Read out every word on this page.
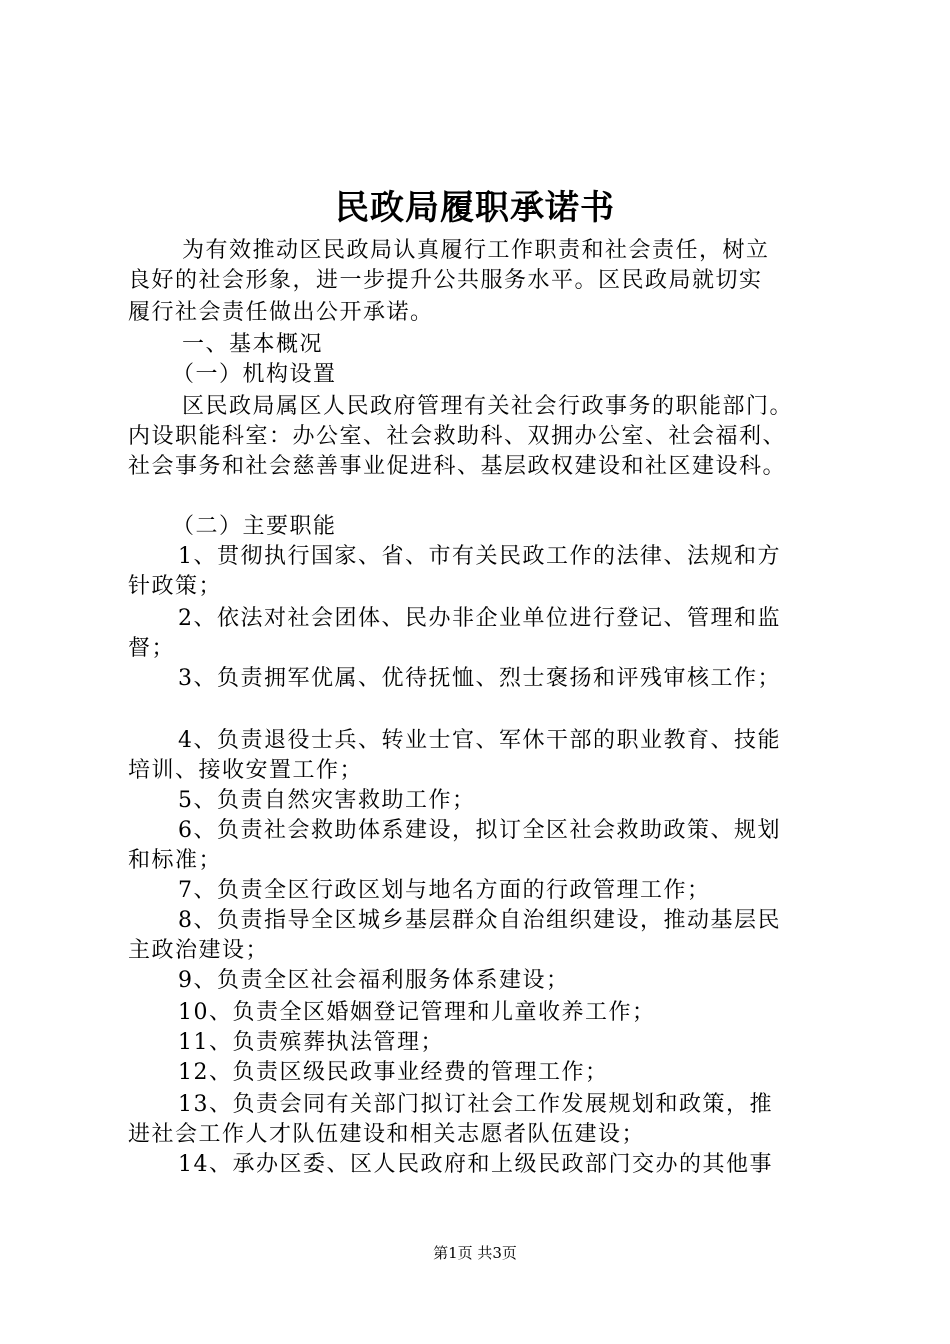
民政局履职承诺书
为有效推动区民政局认真履行工作职责和社会责任，树立
良好的社会形象，进一步提升公共服务水平。区民政局就切实
履行社会责任做出公开承诺。
一、基本概况
（一）机构设置
区民政局属区人民政府管理有关社会行政事务的职能部门。
内设职能科室：办公室、社会救助科、双拥办公室、社会福利、
社会事务和社会慈善事业促进科、基层政权建设和社区建设科。
（二）主要职能
1、贯彻执行国家、省、市有关民政工作的法律、法规和方
针政策；
2、依法对社会团体、民办非企业单位进行登记、管理和监
督；
3、负责拥军优属、优待抚恤、烈士褒扬和评残审核工作；
4、负责退役士兵、转业士官、军休干部的职业教育、技能
培训、接收安置工作；
5、负责自然灾害救助工作；
6、负责社会救助体系建设，拟订全区社会救助政策、规划
和标准；
7、负责全区行政区划与地名方面的行政管理工作；
8、负责指导全区城乡基层群众自治组织建设，推动基层民
主政治建设；
9、负责全区社会福利服务体系建设；
10、负责全区婚姻登记管理和儿童收养工作；
11、负责殡葬执法管理；
12、负责区级民政事业经费的管理工作；
13、负责会同有关部门拟订社会工作发展规划和政策，推
进社会工作人才队伍建设和相关志愿者队伍建设；
14、承办区委、区人民政府和上级民政部门交办的其他事
第1页 共3页
